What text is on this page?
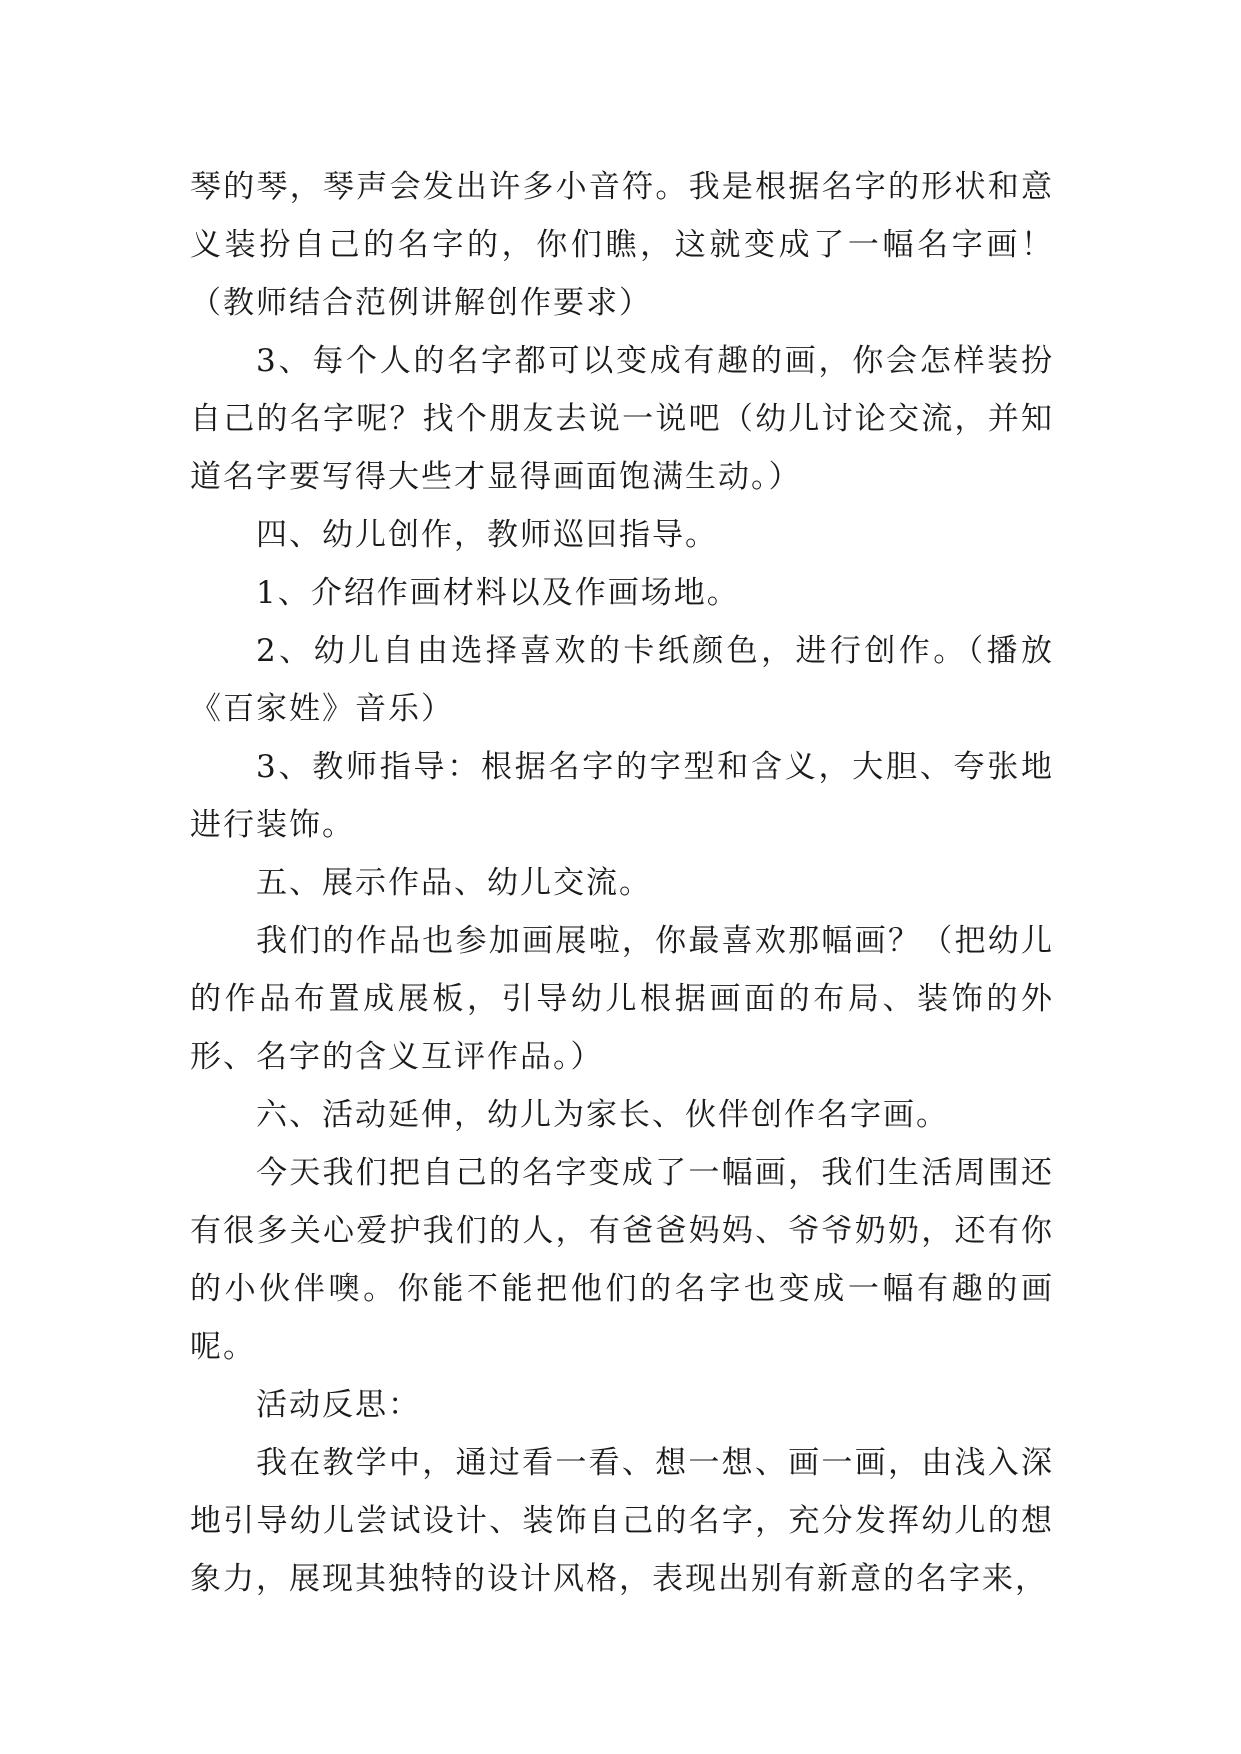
琴的琴，琴声会发出许多小音符。我是根据名字的形状和意义装扮自己的名字的，你们瞧，这就变成了一幅名字画！（教师结合范例讲解创作要求）

3、每个人的名字都可以变成有趣的画，你会怎样装扮自己的名字呢？找个朋友去说一说吧（幼儿讨论交流，并知道名字要写得大些才显得画面饱满生动。）

四、幼儿创作，教师巡回指导。

1、介绍作画材料以及作画场地。

2、幼儿自由选择喜欢的卡纸颜色，进行创作。（播放《百家姓》音乐）

3、教师指导：根据名字的字型和含义，大胆、夸张地进行装饰。

五、展示作品、幼儿交流。

我们的作品也参加画展啦，你最喜欢那幅画？（把幼儿的作品布置成展板，引导幼儿根据画面的布局、装饰的外形、名字的含义互评作品。）

六、活动延伸，幼儿为家长、伙伴创作名字画。

今天我们把自己的名字变成了一幅画，我们生活周围还有很多关心爱护我们的人，有爸爸妈妈、爷爷奶奶，还有你的小伙伴噢。你能不能把他们的名字也变成一幅有趣的画呢。

活动反思：

我在教学中，通过看一看、想一想、画一画，由浅入深地引导幼儿尝试设计、装饰自己的名字，充分发挥幼儿的想象力，展现其独特的设计风格，表现出别有新意的名字来，
